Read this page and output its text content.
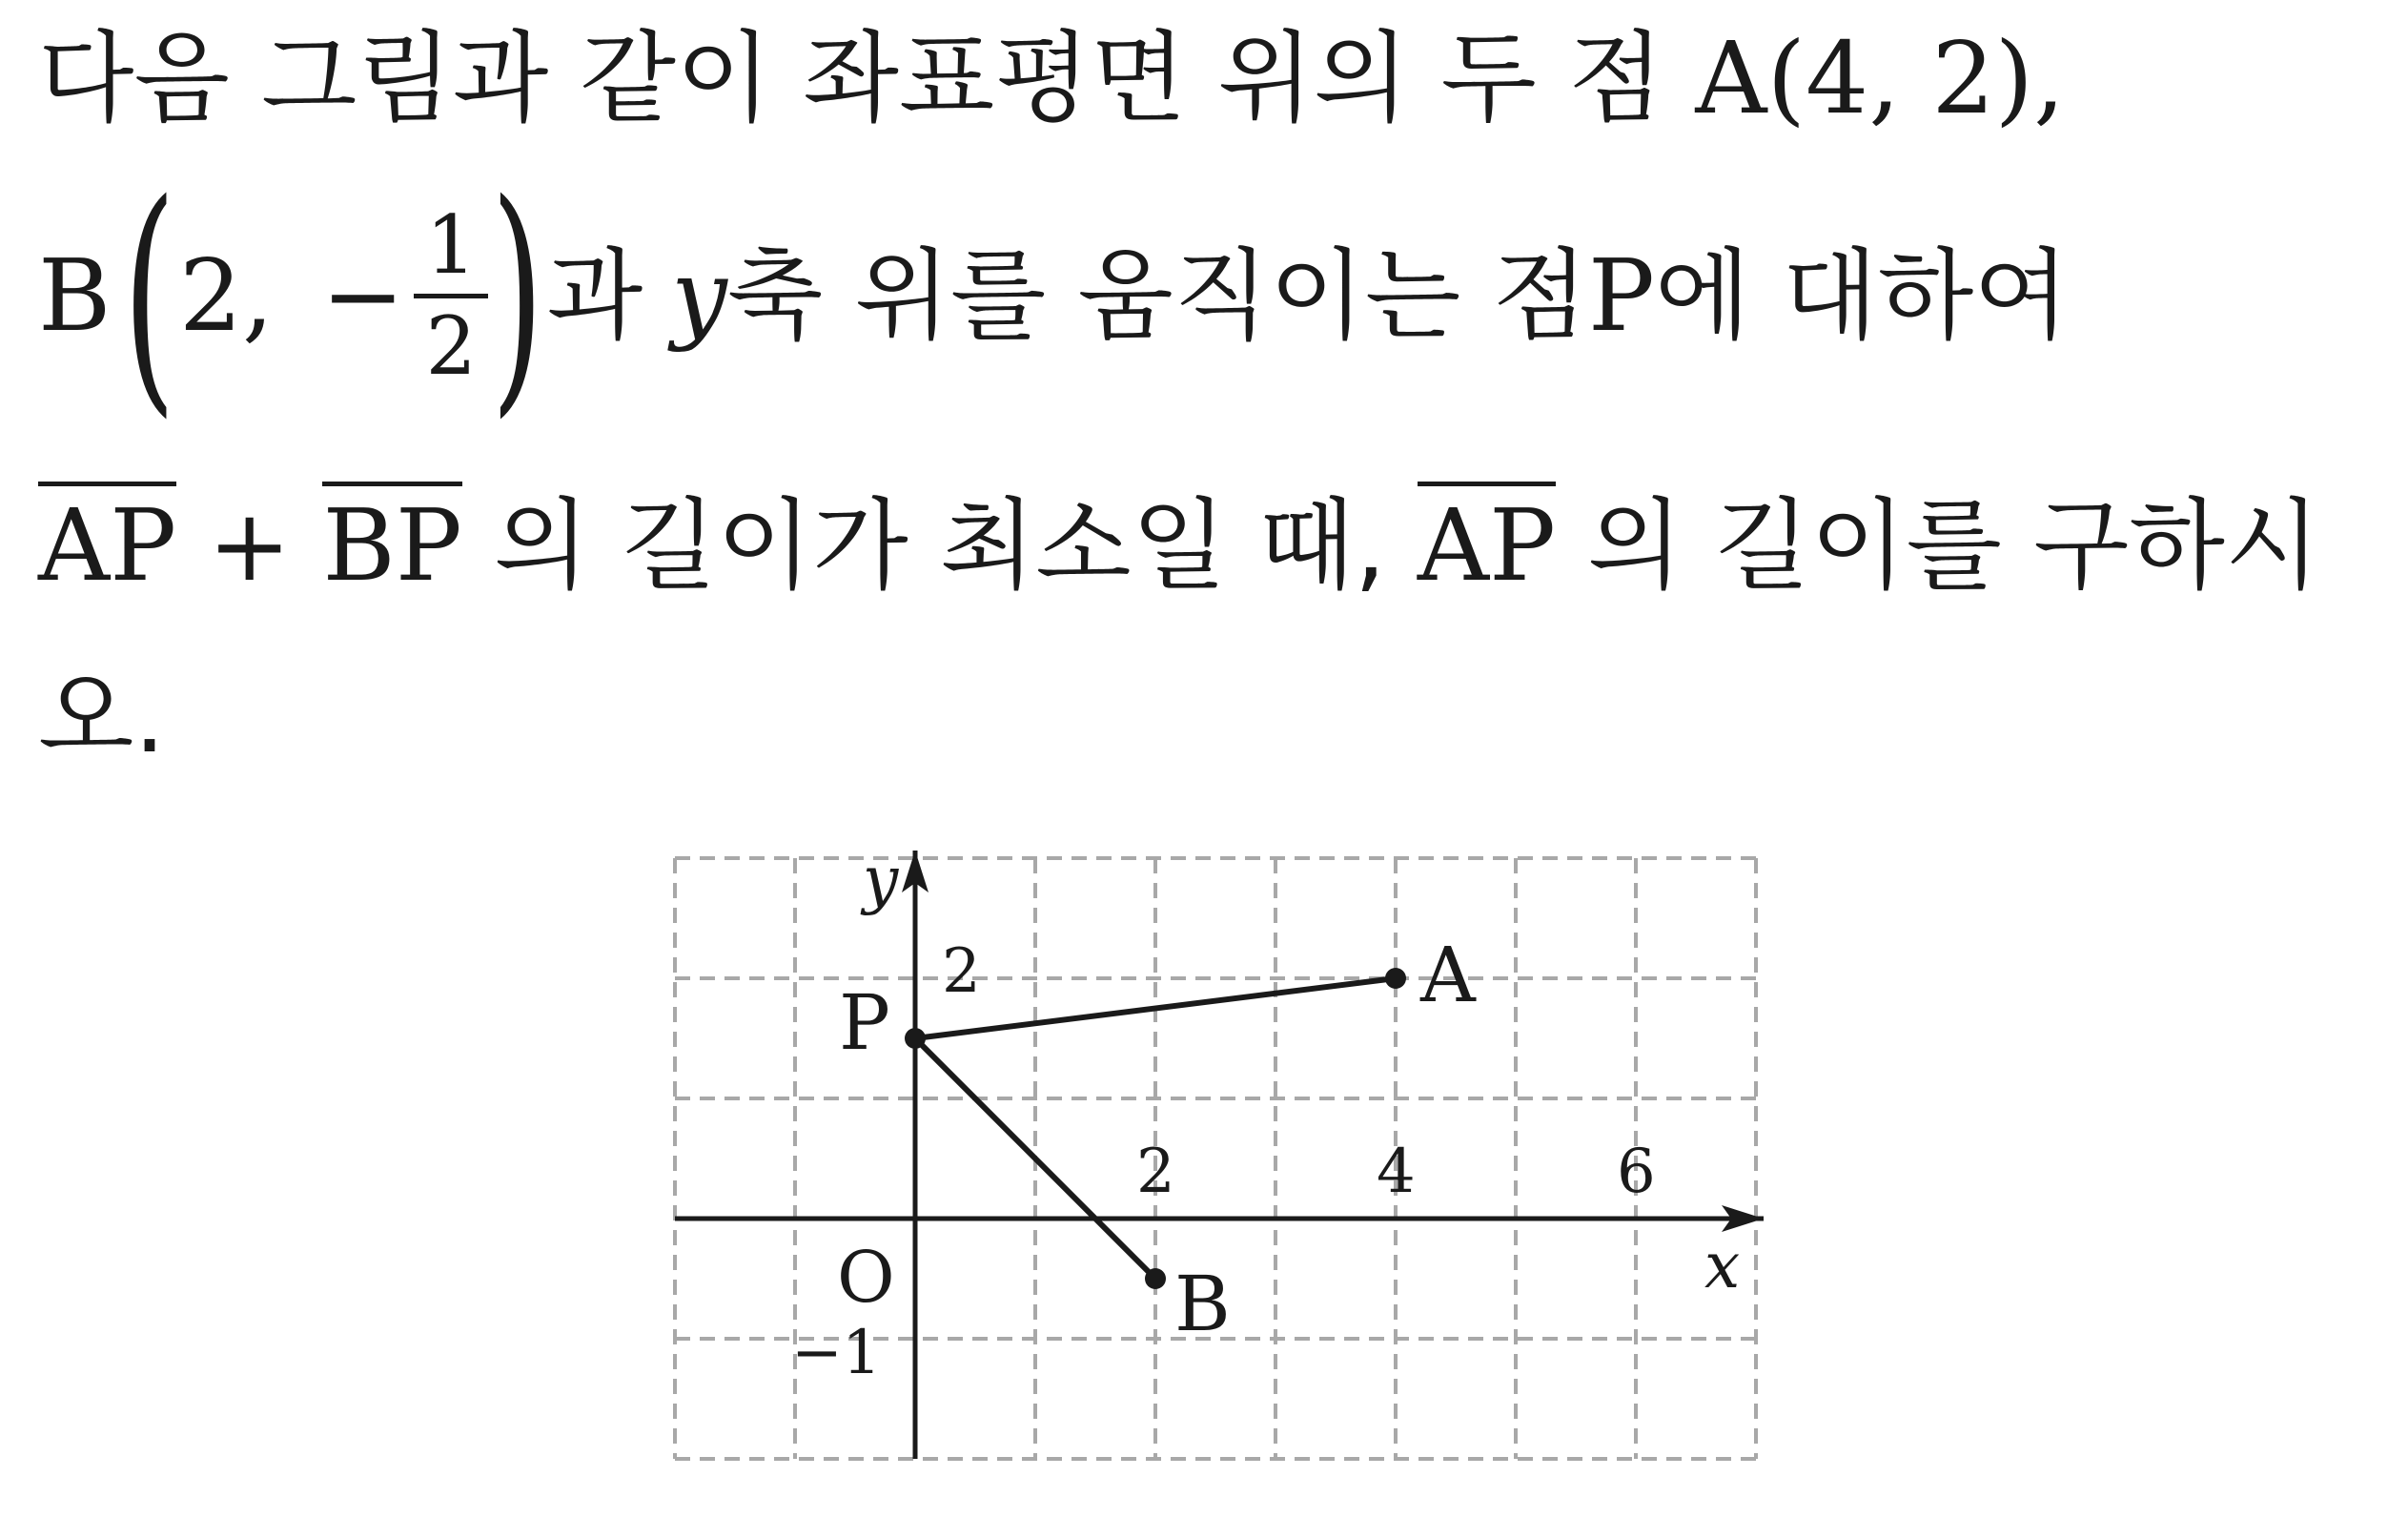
다음 그림과 같이 좌표평면 위의 두 점 A(4, 2),
B ( 2, − 1
2 ) 과 y 축 위를 움직이는 점 P 에 대하여
AP + BP 의 길이가 최소일 때, AP 의 길이를 구하시
오.
y
x
O
2
−1
2	4	6
A
B
P
